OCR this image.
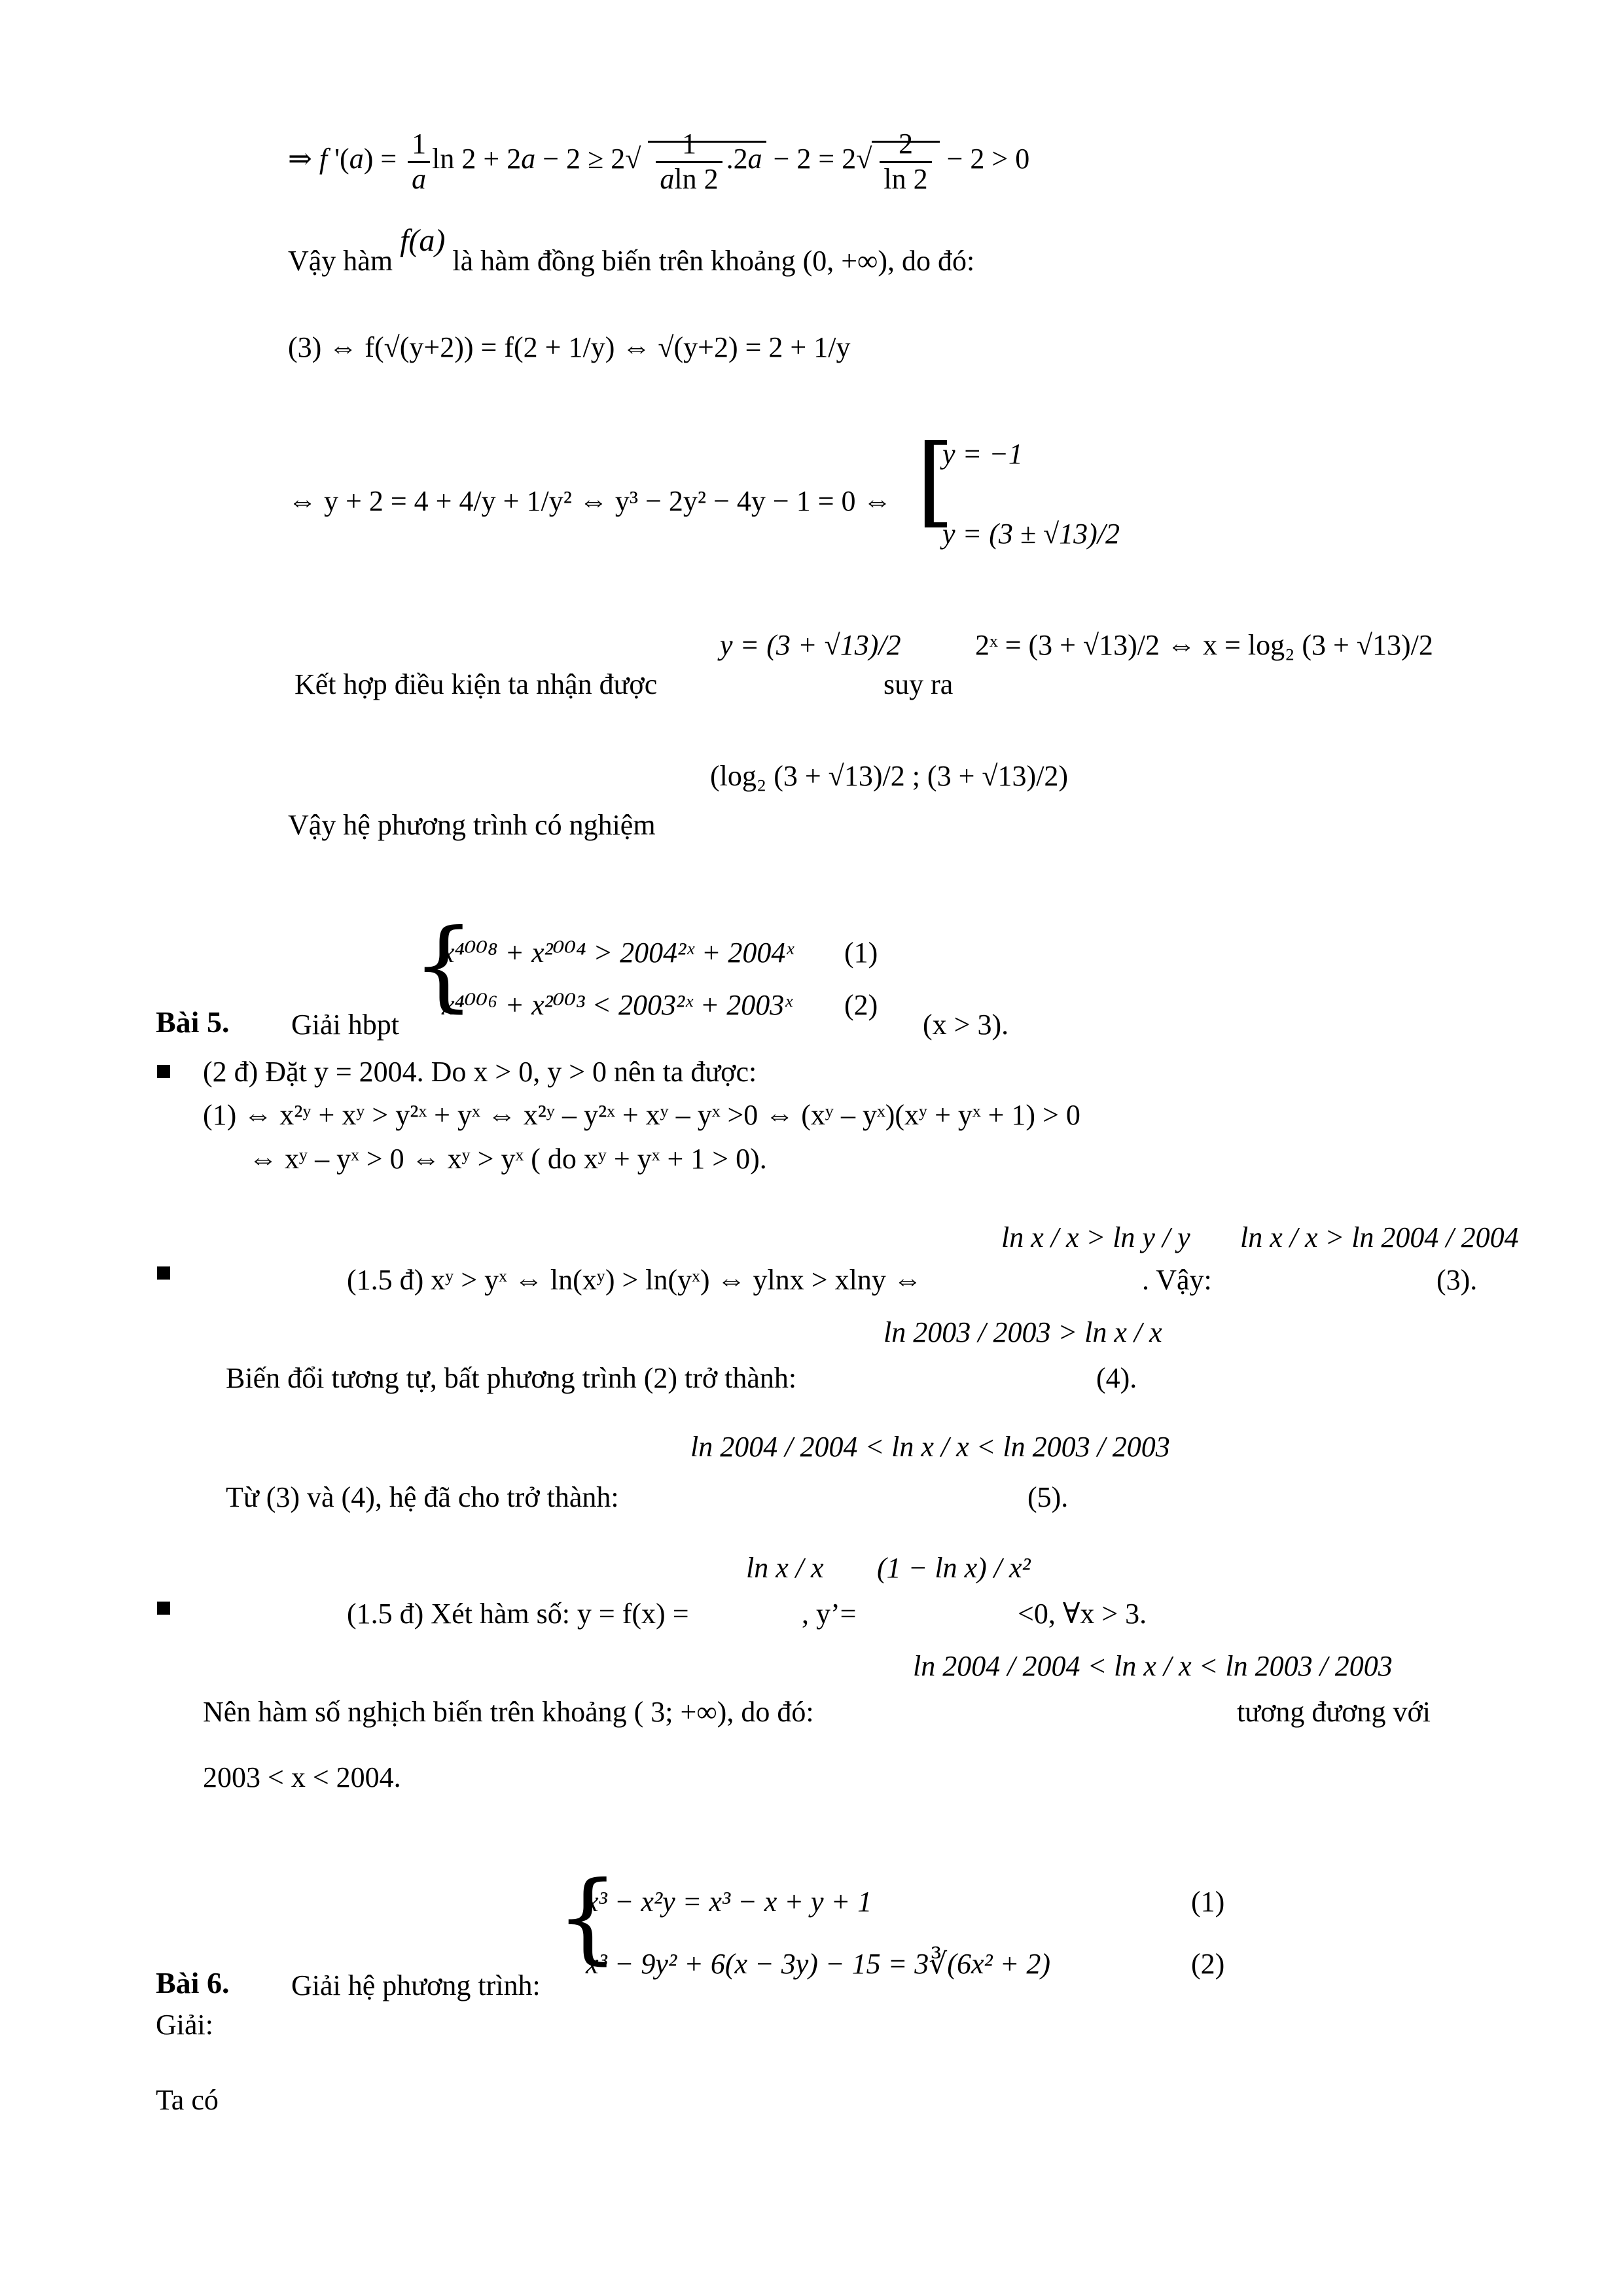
⇒ f '$(a) = \frac{1}{a}$ $\ln 2 + 2a - 2 \ge 2√ \frac{1}{aln 2} .2a - 2 = 2√ \frac{2}{\ln 2} - 2 > 0$
Vậy hàm f(a) là hàm đồng biến trên khoảng (0, +∞), do đó:
(3) ⇔ f(√(y+2)) = f(2 + 1/y) ⇔ √(y+2) = 2 + 1/y
⇔ y + 2 = 4 + 4/y + 1/y² ⇔ y³ − 2y² − 4y − 1 = 0 ⇔ [
y = −1
y = (3 ± √13)/2
Kết hợp điều kiện ta nhận được
y = (3 + √13)/2
suy ra
2ˣ = (3 + √13)/2 ⇔ x = log₂ (3 + √13)/2
Vậy hệ phương trình có nghiệm
(log₂ (3 + √13)/2 ; (3 + √13)/2)
{
x⁴⁰⁰⁸ + x²⁰⁰⁴ > 2004²ˣ + 2004ˣ (1)
x⁴⁰⁰⁶ + x²⁰⁰³ < 2003²ˣ + 2003ˣ (2)
Bài 5. Giải hbpt	(x > 3).
(2 đ) Đặt y = 2004. Do x > 0, y > 0 nên ta được:
(1) ⇔ x²ʸ + xʸ > y²ˣ + yˣ ⇔ x²ʸ – y²ˣ + xʸ – yˣ >0 ⇔ (xʸ – yˣ)(xʸ + yˣ + 1) > 0
⇔ xʸ – yˣ > 0 ⇔ xʸ > yˣ ( do xʸ + yˣ + 1 > 0).
(1.5 đ) xʸ > yˣ ⇔ ln(xʸ) > ln(yˣ) ⇔ ylnx > xlny ⇔
ln x / x > ln y / y
. Vậy:
ln x / x > ln 2004 / 2004
(3).
Biến đổi tương tự, bất phương trình (2) trở thành:
ln 2003 / 2003 > ln x / x
(4).
Từ (3) và (4), hệ đã cho trở thành:
ln 2004 / 2004 < ln x / x < ln 2003 / 2003
(5).
(1.5 đ) Xét hàm số: y = f(x) =
ln x / x
, y’=
(1 − ln x) / x²
<0, ∀x > 3.
Nên hàm số nghịch biến trên khoảng ( 3; +∞), do đó:
ln 2004 / 2004 < ln x / x < ln 2003 / 2003
tương đương với
2003 < x < 2004.
{
x³ − x²y = x³ − x + y + 1	(1)
x³ − 9y² + 6(x − 3y) − 15 = 3∛(6x² + 2)	(2)
Bài 6. Giải hệ phương trình:
Giải:
Ta có
